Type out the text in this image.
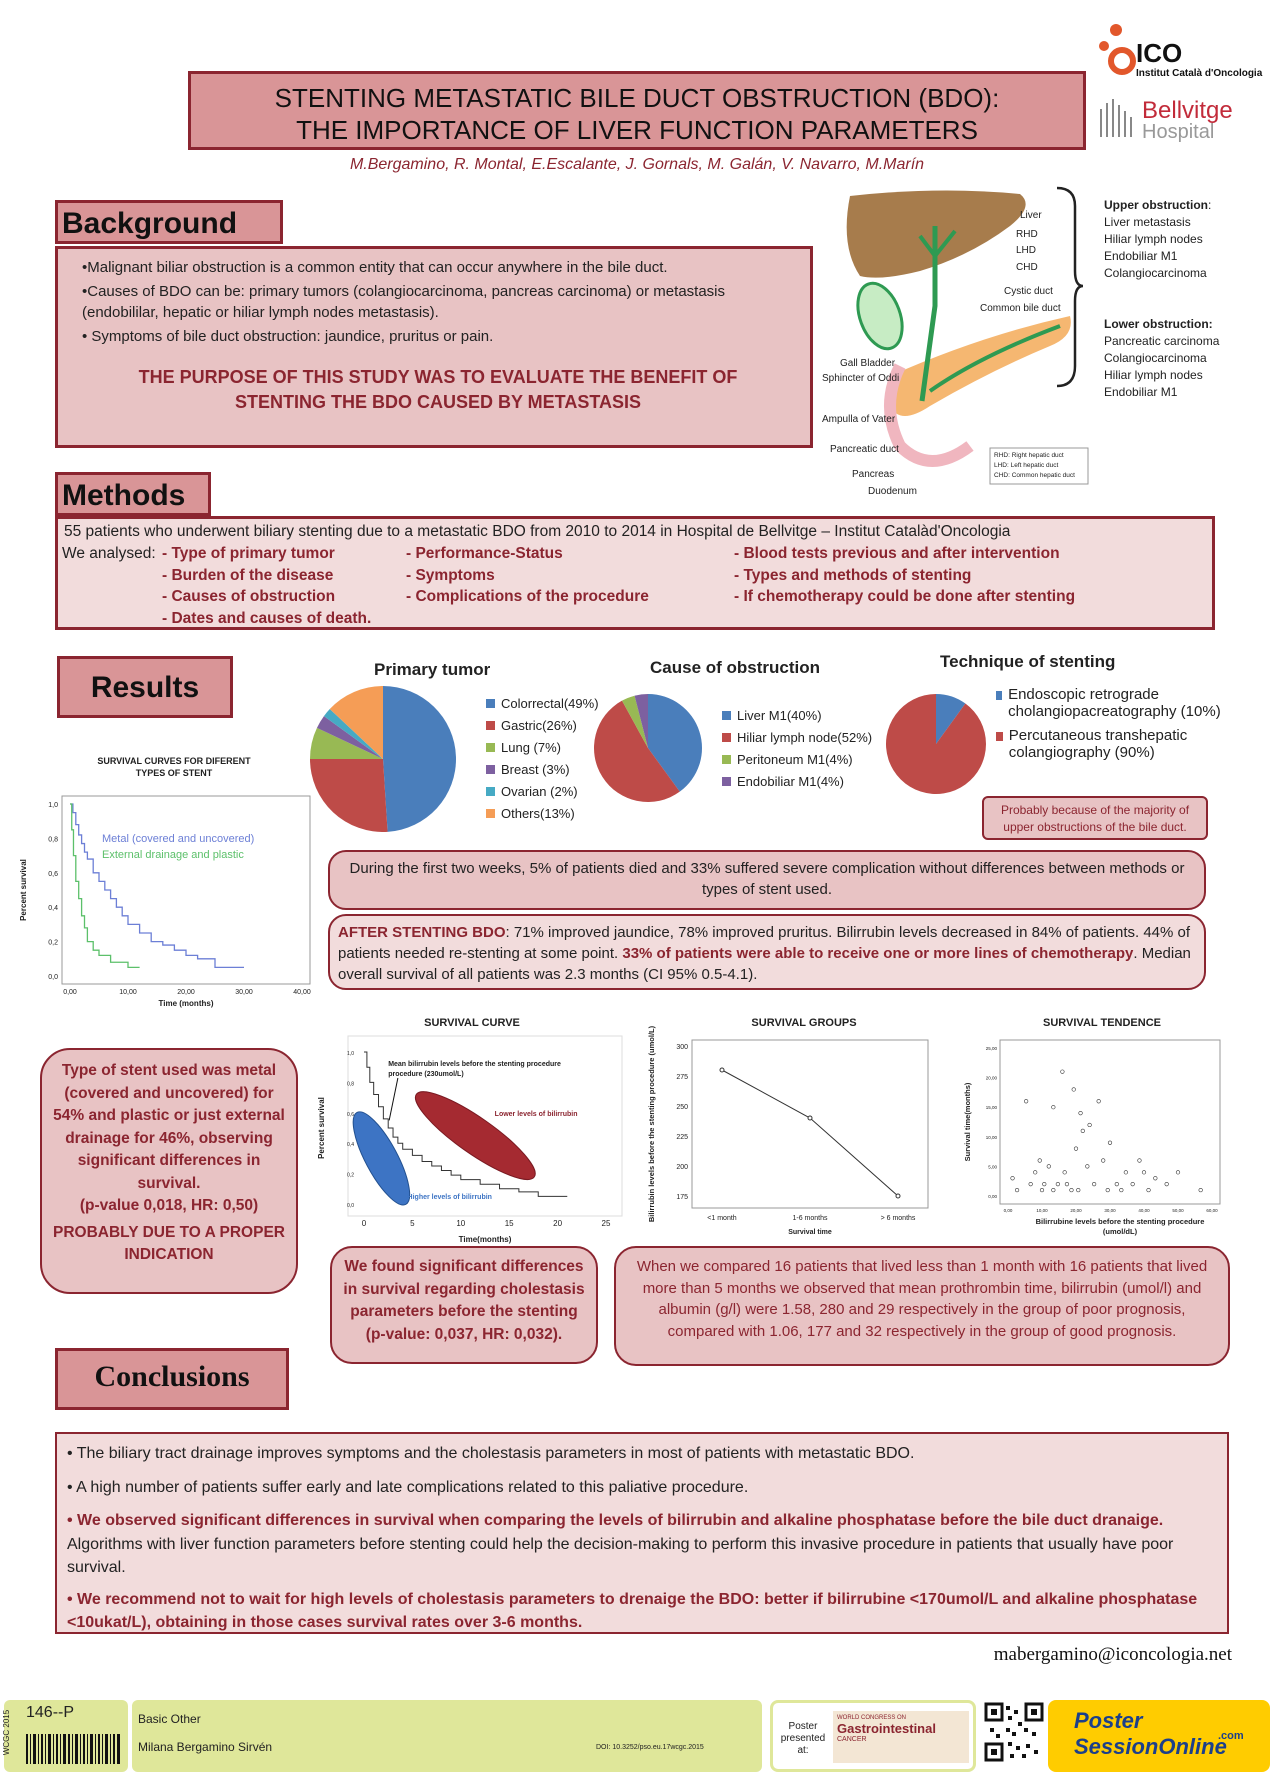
ICO
Institut Català d'Oncologia
Bellvitge
Hospital
STENTING METASTATIC BILE DUCT OBSTRUCTION (BDO):
THE IMPORTANCE OF LIVER FUNCTION PARAMETERS
M.Bergamino, R. Montal, E.Escalante, J. Gornals, M. Galán, V. Navarro, M.Marín
Background
•Malignant biliar obstruction is a common entity that can occur anywhere in the bile duct.
•Causes of BDO can be: primary tumors (colangiocarcinoma, pancreas carcinoma) or metastasis (endobililar, hepatic or hiliar lymph nodes metastasis).
• Symptoms of bile duct obstruction: jaundice, pruritus or pain.
THE PURPOSE OF THIS STUDY WAS TO EVALUATE THE BENEFIT OF
STENTING THE BDO CAUSED BY METASTASIS
Liver
RHD
LHD
CHD
Cystic duct
Common bile duct
Gall Bladder
Sphincter of Oddi
Ampulla of Vater
Pancreatic duct
Pancreas
Duodenum
RHD: Right hepatic duct
LHD: Left hepatic duct
CHD: Common hepatic duct
Upper obstruction:
Liver metastasis
Hiliar lymph nodes
Endobiliar M1
Colangiocarcinoma
Lower obstruction:
Pancreatic carcinoma
Colangiocarcinoma
Hiliar lymph nodes
Endobiliar M1
Methods
55 patients who underwent biliary stenting due to a metastatic BDO from 2010 to 2014 in Hospital de Bellvitge – Institut Catalàd'Oncologia
We analysed: - Type of primary tumor
- Burden of the disease
- Causes of obstruction
- Dates and causes of death.
- Performance-Status
- Symptoms
- Complications of the procedure
- Blood tests previous and after intervention
- Types and methods of stenting
- If chemotherapy could be done after stenting
Results
Primary tumor
Colorrectal(49%)
Gastric(26%)
Lung (7%)
Breast (3%)
Ovarian (2%)
Others(13%)
Cause of obstruction
Liver M1(40%)
Hiliar lymph node(52%)
Peritoneum M1(4%)
Endobiliar M1(4%)
Technique of stenting
Endoscopic retrograde cholangiopacreatography (10%)
Percutaneous transhepatic colangiography (90%)
Probably because of the majority of upper obstructions of the bile duct.
SURVIVAL CURVES FOR DIFERENT
TYPES OF STENT
0,0
0,2
0,4
0,6
0,8
1,0
0,00	10,00	20,00	30,00	40,00
Time (months)
Percent survival
Metal (covered and uncovered)
External drainage and plastic
During the first two weeks, 5% of patients died and 33% suffered severe complication without differences between methods or types of stent used.
AFTER STENTING BDO: 71% improved jaundice, 78% improved pruritus. Bilirrubin levels decreased in 84% of patients. 44% of patients needed re-stenting at some point. 33% of patients were able to receive one or more lines of chemotherapy. Median overall survival of all patients was 2.3 months (CI 95% 0.5-4.1).
SURVIVAL CURVE
0,0
0,2
0,4
0,6
0,8
1,0
0	5	10	15	20	25
Time(months)
Percent survival
Mean bilirrubin levels before the stenting procedure
procedure (230umol/L)
Lower levels of bilirrubin
Higher levels of bilirrubin
SURVIVAL GROUPS
175
200
225
250
275
300
<1 month	1-6 months	> 6 months
Survival time
Bilirrubin levels before the stenting procedure (umol/L)
SURVIVAL TENDENCE
0,00
5,00
10,00
15,00
20,00
25,00
0,00	10,00	20,00	30,00	40,00	50,00	60,00
Bilirrubine levels before the stenting procedure
(umol/dL)
Survival time(months)
Type of stent used was metal (covered and uncovered) for 54% and plastic or just external drainage for 46%, observing significant differences in survival.
(p-value 0,018, HR: 0,50)
PROBABLY DUE TO A PROPER INDICATION
We found significant differences in survival regarding cholestasis parameters before the stenting
(p-value: 0,037, HR: 0,032).
When we compared 16 patients that lived less than 1 month with 16 patients that lived more than 5 months we observed that mean prothrombin time, bilirrubin (umol/l) and albumin (g/l) were 1.58, 280 and 29 respectively in the group of poor prognosis, compared with 1.06, 177 and 32 respectively in the group of good prognosis.
Conclusions
• The biliary tract drainage improves symptoms and the cholestasis parameters in most of patients with metastatic BDO.
• A high number of patients suffer early and late complications related to this paliative procedure.
• We observed significant differences in survival when comparing the levels of bilirrubin and alkaline phosphatase before the bile duct dranaige. Algorithms with liver function parameters before stenting could help the decision-making to perform this invasive procedure in patients that usually have poor survival.
• We recommend not to wait for high levels of cholestasis parameters to drenaige the BDO: better if bilirrubine <170umol/L and alkaline phosphatase <10ukat/L), obtaining in those cases survival rates over 3-6 months.
mabergamino@iconcologia.net
WCGC 2015 146--P	Basic Other
Milana Bergamino Sirvén	DOI: 10.3252/pso.eu.17wcgc.2015
Poster presented at:
WORLD CONGRESS ON
Gastrointestinal
CANCER
Poster
SessionOnline
.com
